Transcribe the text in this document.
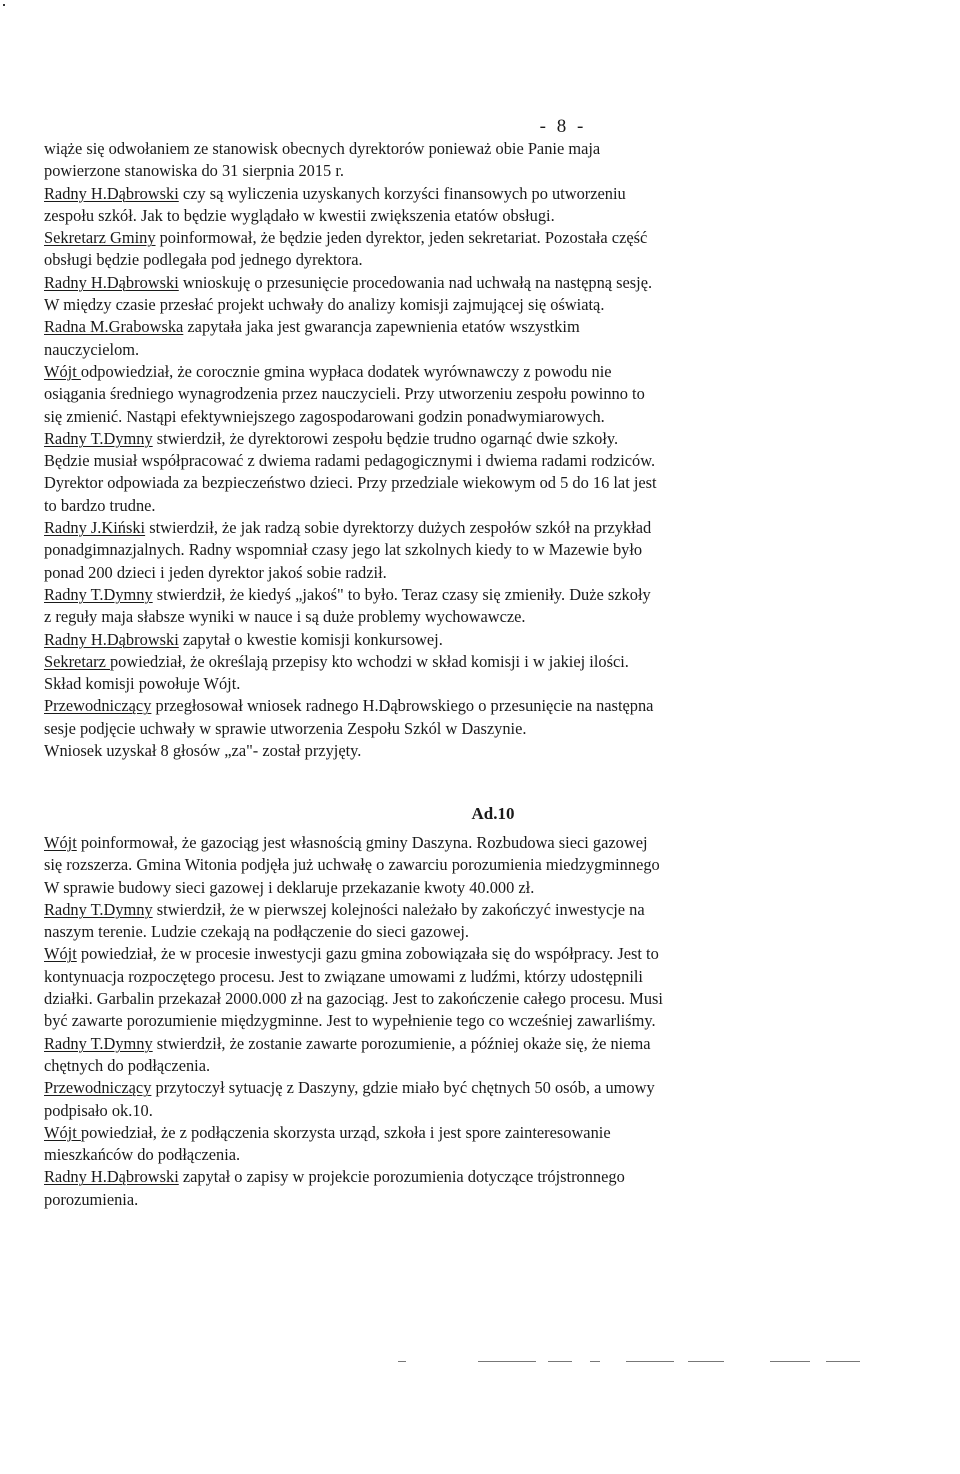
- 8 -
wiąże się odwołaniem ze stanowisk obecnych dyrektorów ponieważ obie Panie maja
powierzone stanowiska do 31 sierpnia 2015 r.
Radny H.Dąbrowski czy są wyliczenia uzyskanych korzyści finansowych po utworzeniu
zespołu szkół. Jak to będzie wyglądało w kwestii zwiększenia etatów obsługi.
Sekretarz Gminy poinformował, że będzie jeden dyrektor, jeden sekretariat. Pozostała część
obsługi będzie podlegała pod jednego dyrektora.
Radny H.Dąbrowski wnioskuję o przesunięcie procedowania nad uchwałą na następną sesję.
W między czasie przesłać projekt uchwały do analizy komisji zajmującej się oświatą.
Radna M.Grabowska zapytała jaka jest gwarancja zapewnienia etatów wszystkim
nauczycielom.
Wójt odpowiedział, że corocznie gmina wypłaca dodatek wyrównawczy z powodu nie
osiągania średniego wynagrodzenia przez nauczycieli. Przy utworzeniu zespołu powinno to
się zmienić. Nastąpi efektywniejszego zagospodarowani godzin ponadwymiarowych.
Radny T.Dymny stwierdził, że dyrektorowi zespołu będzie trudno ogarnąć dwie szkoły.
Będzie musiał współpracować z dwiema radami pedagogicznymi i dwiema radami rodziców.
Dyrektor odpowiada za bezpieczeństwo dzieci. Przy przedziale wiekowym od 5 do 16 lat jest
to bardzo trudne.
Radny J.Kiński stwierdził, że jak radzą sobie dyrektorzy dużych zespołów szkół na przykład
ponadgimnazjalnych. Radny wspomniał czasy jego lat szkolnych kiedy to w Mazewie było
ponad 200 dzieci i jeden dyrektor jakoś sobie radził.
Radny T.Dymny stwierdził, że kiedyś „jakoś" to było. Teraz czasy się zmieniły. Duże szkoły
z reguły maja słabsze wyniki w nauce i są duże problemy wychowawcze.
Radny H.Dąbrowski zapytał o kwestie komisji konkursowej.
Sekretarz powiedział, że określają przepisy kto wchodzi w skład komisji i w jakiej ilości.
Skład komisji powołuje Wójt.
Przewodniczący przegłosował wniosek radnego H.Dąbrowskiego o przesunięcie na następna
sesje podjęcie uchwały w sprawie utworzenia Zespołu Szkól w Daszynie.
Wniosek uzyskał 8 głosów „za"- został przyjęty.
Ad.10
Wójt poinformował, że gazociąg jest własnością gminy Daszyna. Rozbudowa sieci gazowej
się rozszerza. Gmina Witonia podjęła już uchwałę o zawarciu porozumienia miedzygminnego
W sprawie budowy sieci gazowej i deklaruje przekazanie kwoty 40.000 zł.
Radny T.Dymny stwierdził, że w pierwszej kolejności należało by zakończyć inwestycje na
naszym terenie. Ludzie czekają na podłączenie do sieci gazowej.
Wójt powiedział, że w procesie inwestycji gazu gmina zobowiązała się do współpracy. Jest to
kontynuacja rozpoczętego procesu. Jest to związane umowami z ludźmi, którzy udostępnili
działki. Garbalin przekazał 2000.000 zł na gazociąg. Jest to zakończenie całego procesu. Musi
być zawarte porozumienie międzygminne. Jest to wypełnienie tego co wcześniej zawarliśmy.
Radny T.Dymny stwierdził, że zostanie zawarte porozumienie, a później okaże się, że niema
chętnych do podłączenia.
Przewodniczący przytoczył sytuację z Daszyny, gdzie miało być chętnych 50 osób, a umowy
podpisało ok.10.
Wójt powiedział, że z podłączenia skorzysta urząd, szkoła i jest spore zainteresowanie
mieszkańców do podłączenia.
Radny H.Dąbrowski zapytał o zapisy w projekcie porozumienia dotyczące trójstronnego
porozumienia.
